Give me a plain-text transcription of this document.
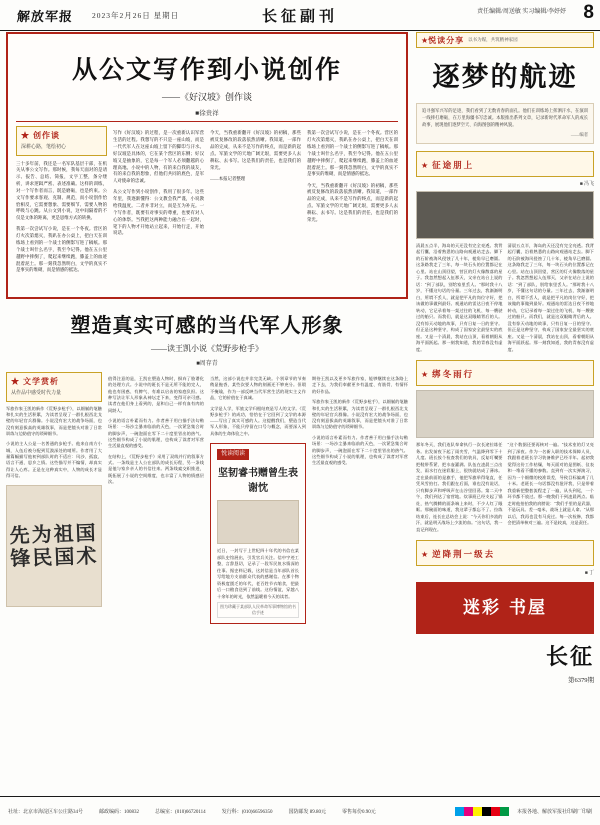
解放军报	2023年2月26日 星期日	长征副刊	责任编辑/周送敏 实习编辑/李妤妤 8
从公文写作到小说创作
——《好汉坡》创作谈
■徐贵祥
★ 创作谈
深耕心路，笔绘初心

三十多年前，我还是一名军队基层干部，在机关从事公文写作。那时候，我每天面对的是请示、报告、总结、简报，文字工整，条分缕析，讲求逻辑严密、表述准确。这样的训练，对一个写作者而言，既是磨砺，也是约束。公文写作要求客观、克制、规范，而小说创作恰恰相反，它需要想象、需要细节、需要人物的呼吸与心跳。从公文到小说，这中间隔着的不仅是文体的距离，更是思维方式的转换。

我第一次尝试写小说，是在一个冬夜。营区的灯火次第熄灭，我趴在办公桌上，把白天在训练场上看到的一个战士的侧影写进了稿纸。那个战士叫什么名字，我至今记得。他在五公里越野中摔倒了，爬起来继续跑，膝盖上的血迹混着泥土。那一刻我忽然明白，文学的真实不是事实的堆砌，而是情感的抵达。

写作《好汉坡》的过程，是一次重新认识军营生活的过程。我想写的不只是一座山坡，而是一代代军人在这座山坡上留下的脚印与汗水。好汉坡是具体的，它在某个营区的东侧；好汉坡又是抽象的，它是每一个军人必须翻越的心理高地。小说中的人物，有的来自我的战友，有的来自我的想象，但他们共同的底色，是军人对使命的忠诚。

从公文写作到小说创作，我用了很多年。这些年里，我逐渐懂得：公文教会我严谨，小说教给我温度。二者并非对立，而是互为补充。一个写作者，既要有对事实的尊重，也要有对人心的体察。当我把这两种能力融合在一起时，笔下的人物才开始站立起来，开始行走，开始说话。

今天，当我重新翻开《好汉坡》的初稿，那些被反复修改的段落依然清晰。我知道，一部作品的完成，从来不是写作的终点，而是新的起点。军旅文学的天地广阔无垠，需要更多人去耕耘、去书写。这是我们的责任，也是我们的荣光。

——本报记者整理

我第一次尝试写小说，是在一个冬夜。营区的灯火次第熄灭，我趴在办公桌上，把白天在训练场上看到的一个战士的侧影写进了稿纸。那个战士叫什么名字，我至今记得。他在五公里越野中摔倒了，爬起来继续跑，膝盖上的血迹混着泥土。那一刻我忽然明白，文学的真实不是事实的堆砌，而是情感的抵达。

今天，当我重新翻开《好汉坡》的初稿，那些被反复修改的段落依然清晰。我知道，一部作品的完成，从来不是写作的终点，而是新的起点。军旅文学的天地广阔无垠，需要更多人去耕耘、去书写。这是我们的责任，也是我们的荣光。

塑造真实可感的当代军人形象
——读王凯小说《荒野步枪手》
■周存青
★ 文学赏析
从作品中感受时代力量

军旅作家王凯的新作《荒野步枪手》，以细腻的笔触和扎实的生活积累，为读者呈现了一群扎根西北戈壁的年轻官兵群像。小说没有宏大的战争场面，也没有刻意拔高的英雄叙事，而是把镜头对准了日常训练与边防值守的琐碎细节。

小说的主人公是一名普通的步枪手。他来自南方小城，入伍后被分配到荒漠深处的哨所。作者用了大量篇幅描写他初到部队时的不适应：风沙、孤寂、语言不通、思乡之情。这些描写并不煽情，却真实得让人心疼。正是在这种真实中，人物的成长才显得可信。

先为祖国 锋民国术

值得注意的是，王凯在塑造人物时，摒弃了脸谱化的处理方式。小说中的班长不是无所不能的完人，他也有困惑、有脾气、有难以启齿的家庭负担。这种写法让军人形象从神坛走下来，变得可亲可感。读者在他们身上看到的，是和自己一样有血有肉的同龄人。

小说的语言朴素而有力。作者善于用白描手法勾勒场景：一场沙尘暴来临前的天色，一次紧急集合时的脚步声，一碗泡面在零下二十度里冒出的热气。这些细节构成了小说的肌理，也构成了读者对军营生活最直观的感受。

在结构上，《荒野步枪手》采用了双线并行的叙事方式。一条线是主人公在部队的成长历程，另一条线是他与家乡亲人的书信往来。两条线索交织推进，既拓展了小说的空间维度，也丰富了人物的情感层次。

当然，这部小说也并非完美无缺。个别章节的节奏稍显拖沓，某些次要人物的刻画还不够充分。但瑕不掩瑜，作为一部反映当代军营生活的现实主义作品，它的价值在于真诚。

文学是人学，军旅文学归根结底是写人的文学。《荒野步枪手》的成功，恰恰在于它回到了文学的本源——写出了真实可感的人。这提醒我们，塑造当代军人形象，不能只停留在口号与概念，而要深入到具体的生命体验之中。

悦读阅读
坚韧睿书赠曾生表谢忱
近日，一封写于上世纪四十年代的书信在某部队史馆展出，引发官兵关注。信中字迹工整，言辞恳切，记录了一段军民鱼水情深的往事。据史料记载，这封信是当年部队首长写给地方支前群众代表的感谢信。在那个物资极度匮乏的年代，老百姓节衣缩食，把最后一口粮食送到了前线。这份情谊，穿越八十余年的时光，依然温暖着今天的读者。
图为珍藏于某部队人民革命军事博物馆的书信手迹

期待王凯以及更多军旅作家，能够继续在这条路上走下去，为我们奉献更多有温度、有筋骨、有情怀的好作品。

军旅作家王凯的新作《荒野步枪手》，以细腻的笔触和扎实的生活积累，为读者呈现了一群扎根西北戈壁的年轻官兵群像。小说没有宏大的战争场面，也没有刻意拔高的英雄叙事，而是把镜头对准了日常训练与边防值守的琐碎细节。

小说的语言朴素而有力。作者善于用白描手法勾勒场景：一场沙尘暴来临前的天色，一次紧急集合时的脚步声，一碗泡面在零下二十度里冒出的热气。这些细节构成了小说的肌理，也构成了读者对军营生活最直观的感受。

★ 悦读分享 以书为媒，共筑精神家园
逐梦的航迹
追寻强军兴军的足迹，我们看到了无数青春的面孔。他们在训练场上挥洒汗水，在演训一线摔打磨砺，在万里海疆书写忠诚。本版推出系列文章，记录新时代革命军人的成长故事，展现他们逐梦空天、向海图强的精神风貌。
——编者
★ 征途朋上
■ 冯飞
清晨五点半，海岛的天还没有完全亮透。我背起行囊，沿着熟悉的山路向观通站走去。脚下的石阶被海风侵蚀了几十年，棱角早已磨圆。这条路我走了三年，每一块石头的位置都记在心里。站在山顶回望，营区的灯火像散落的星子。我忽然想起入伍那天，父亲在站台上说的话："到了部队，别给家里丢人。"那时我十八岁，不懂这句话的分量。三年过去，我渐渐明白，所谓不丢人，就是把平凡的岗位守好，把该做的事做到最好。观通站的雷达日夜不停地转动，它记录着每一架过往的飞机、每一艘驶过的船只。而我们，就是这双眼睛背后的人。没有惊天动地的故事，只有日复一日的坚守。但正是这种坚守，构成了国家安全最坚实的底座。又是一个清晨，我站在山顶，看着朝阳从海平面跃起。那一刻我知道，我的青春没有虚度。
清晨五点半，海岛的天还没有完全亮透。我背起行囊，沿着熟悉的山路向观通站走去。脚下的石阶被海风侵蚀了几十年，棱角早已磨圆。这条路我走了三年，每一块石头的位置都记在心里。站在山顶回望，营区的灯火像散落的星子。我忽然想起入伍那天，父亲在站台上说的话："到了部队，别给家里丢人。"那时我十八岁，不懂这句话的分量。三年过去，我渐渐明白，所谓不丢人，就是把平凡的岗位守好，把该做的事做到最好。观通站的雷达日夜不停地转动，它记录着每一架过往的飞机、每一艘驶过的船只。而我们，就是这双眼睛背后的人。没有惊天动地的故事，只有日复一日的坚守。但正是这种坚守，构成了国家安全最坚实的底座。又是一个清晨，我站在山顶，看着朝阳从海平面跃起。那一刻我知道，我的青春没有虚度。
★ 绑冬雨行
那年冬天，我们连队奉命执行一次长途拉练任务。出发前夜下起了雨夹雪，气温降到零下十几度。班长挨个检查我们的装具，反复叮嘱要把鞋带系紧、把水壶灌满。队伍在凌晨三点出发，雨水打在迷彩服上，很快就结成了薄冰。走在最前面的是旗手，他把军旗举得笔直，任凭风雪拍打。我们跟在后面，谁也没有说话，只有脚步声和呼吸声在山谷里回荡。第二天中午，我们到达了宿营地。炊事班已经支起了锅灶，热气腾腾的面条端上来时，不少人红了眼眶。那碗面的味道，我这辈子都忘不了。拉练结束后，连长在总结会上说："今天你们多流的汗，就是明天战场上少流的血。"这句话，我一直记到现在。
"这个数据还要再核对一遍。"技术室的灯又亮到了深夜。作为一名新入职的技术保障人员，我跟着老班长学习装备维护已经半年。起初我觉得这份工作枯燥，每天面对的是图纸、仪表和一堆看不懂的参数。直到有一次实弹演习，因为一个细微的校准误差，导致目标偏离了几十米。老班长一句话都没有批评我，只是带着我重新把整套流程走了一遍，从头到尾，一个环节都不放过。那一晚我们干到凌晨两点。临走时他拍拍我的肩膀说："我们手里的是武器，不是玩具。差一毫米，战场上就是人命。"从那以后，我再也没有马虎过。每一次检修，我都会把清单核对三遍。这不是较真，这是责任。
★ 逆降荆一级去
■ 丁
迷彩 书屋
长征
第6379期
社址：北京市海淀区车公庄路34号	邮政编码：100832	总编室：(010)66720114	发行科：(010)66596350	国防邮发 89.80元	零售每份0.90元	本报各地、解放军报社印刷厂印刷
